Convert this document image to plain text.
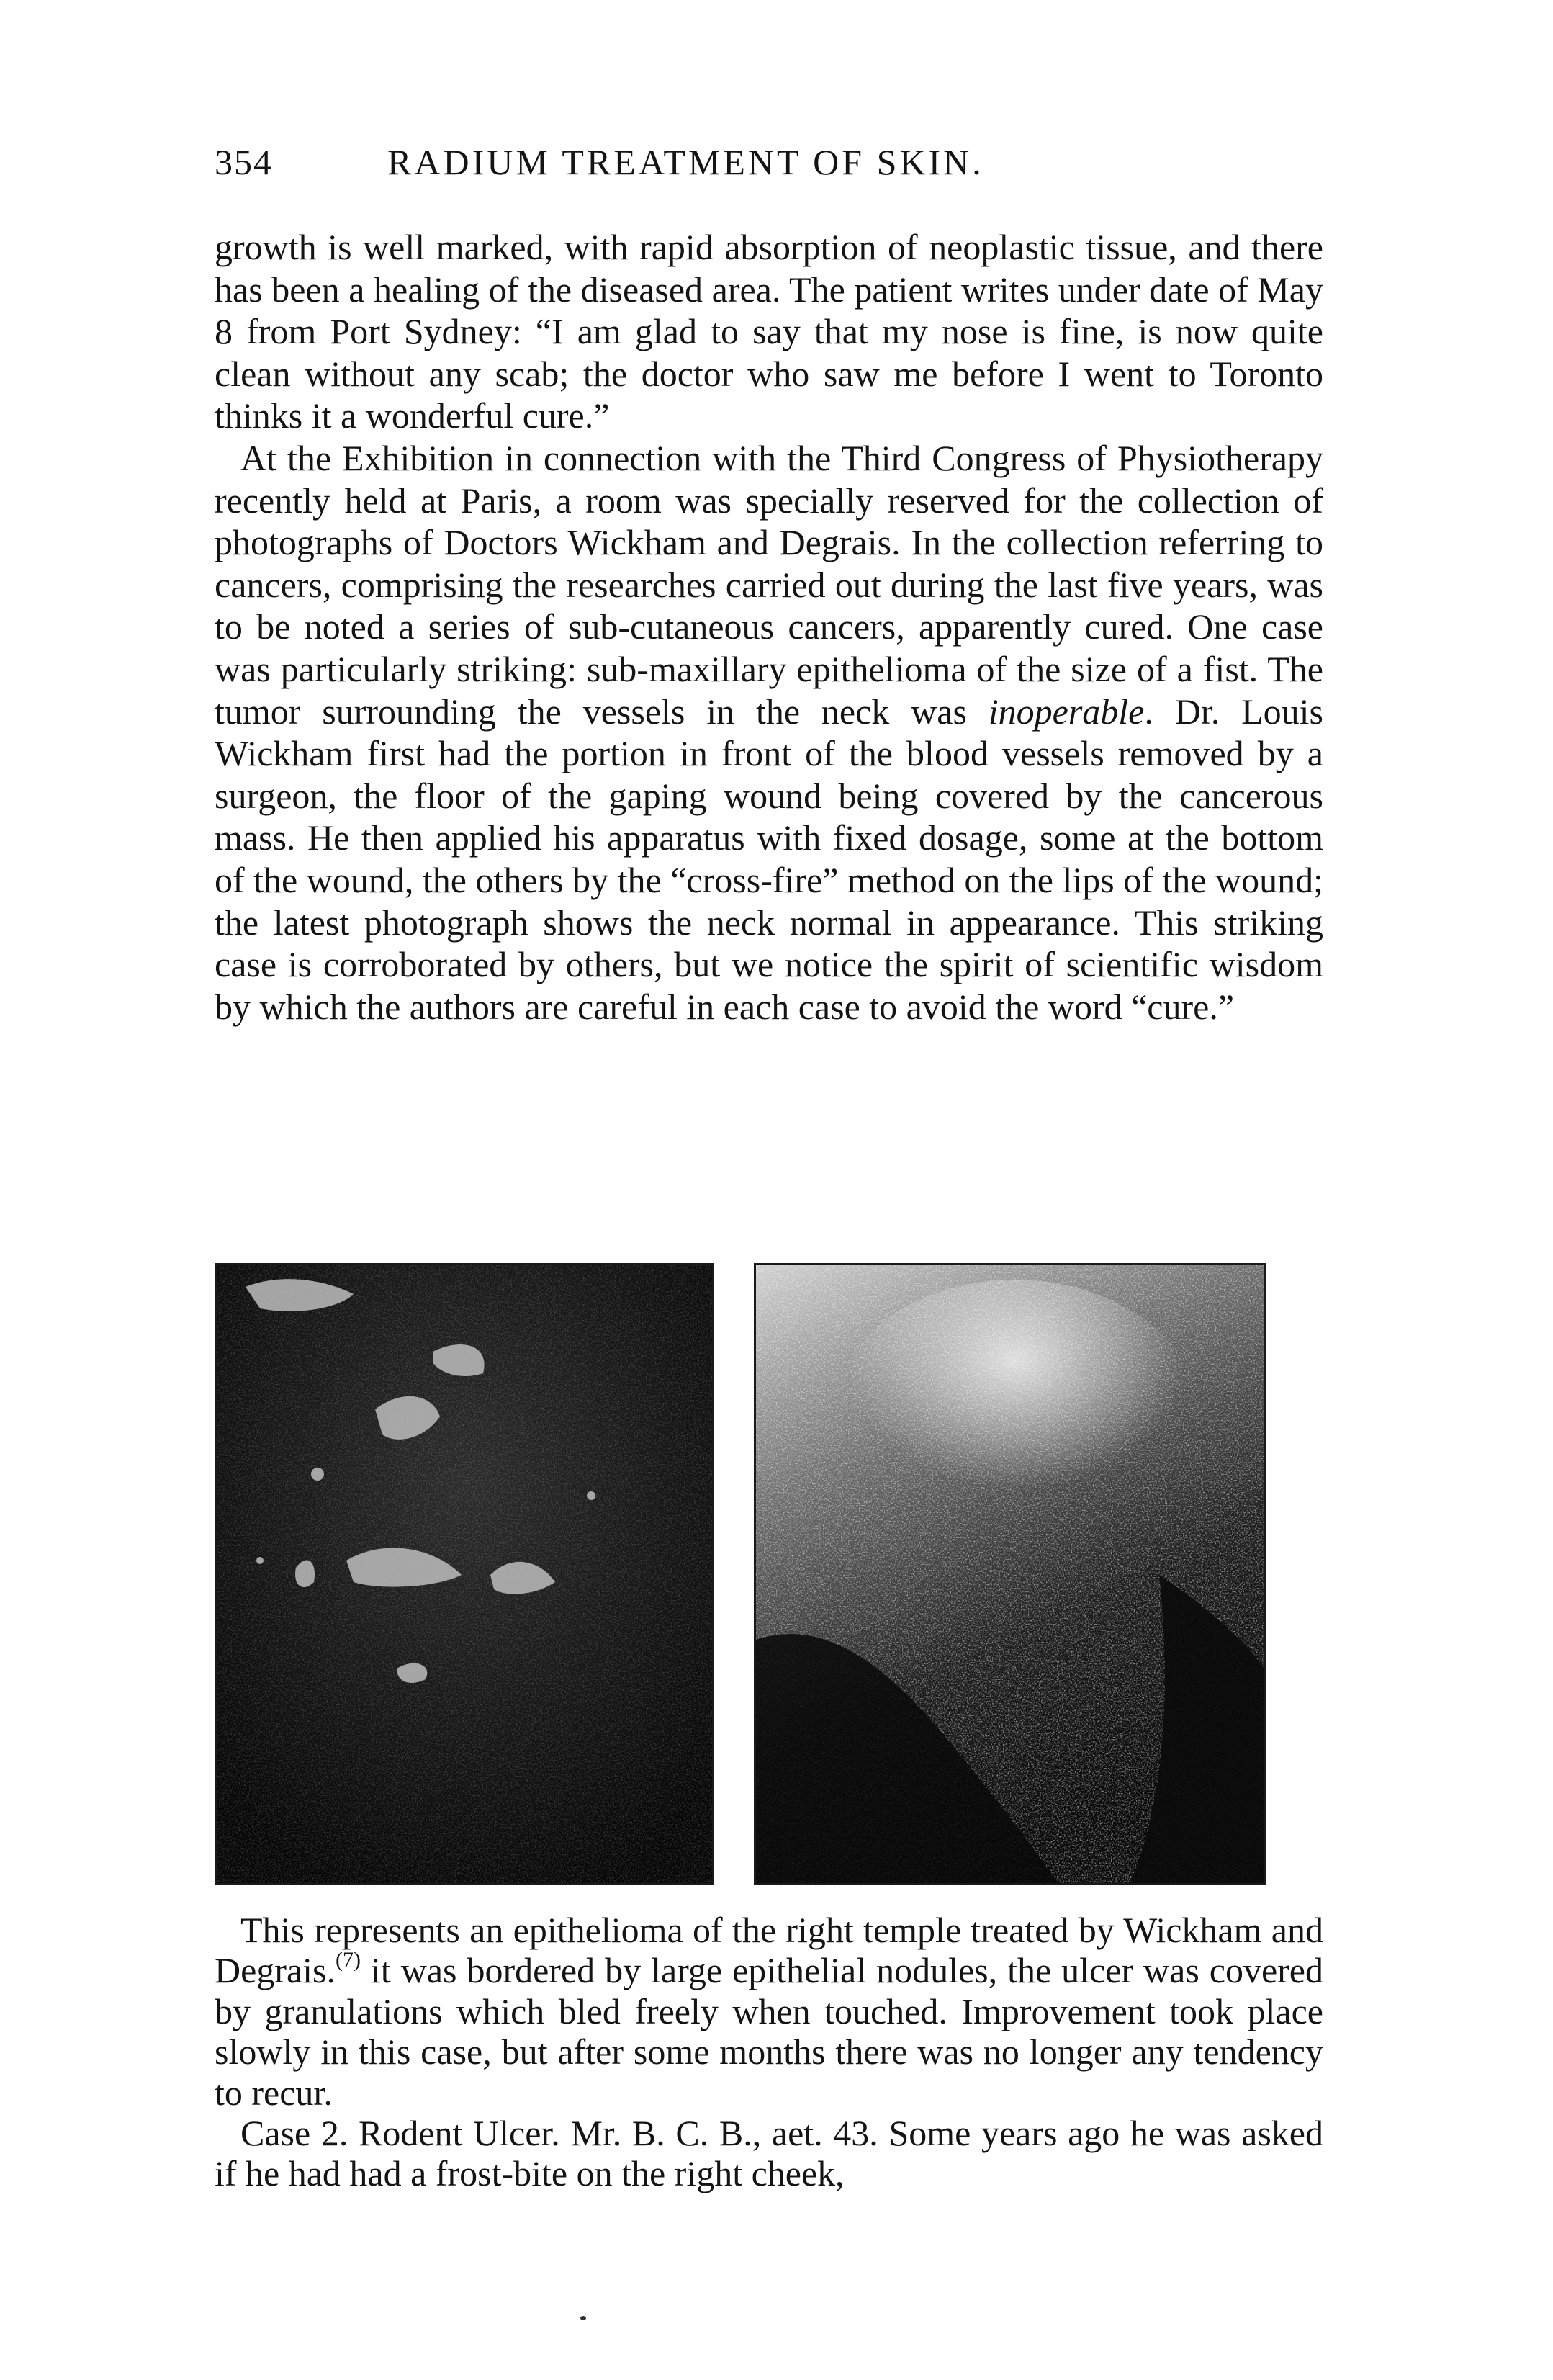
354	RADIUM TREATMENT OF SKIN.

growth is well marked, with rapid absorption of neoplastic tissue, and there has been a healing of the diseased area. The patient writes under date of May 8 from Port Sydney: “I am glad to say that my nose is fine, is now quite clean without any scab; the doctor who saw me before I went to Toronto thinks it a wonderful cure.”

At the Exhibition in connection with the Third Congress of Physiotherapy recently held at Paris, a room was specially reserved for the collection of photographs of Doctors Wickham and Degrais. In the collection referring to cancers, comprising the researches carried out during the last five years, was to be noted a series of sub-cutaneous cancers, apparently cured. One case was particularly striking: sub-maxillary epithelioma of the size of a fist. The tumor surrounding the vessels in the neck was inoperable. Dr. Louis Wickham first had the portion in front of the blood vessels removed by a surgeon, the floor of the gaping wound being covered by the cancerous mass. He then applied his apparatus with fixed dosage, some at the bottom of the wound, the others by the “cross-fire” method on the lips of the wound; the latest photograph shows the neck normal in appearance. This striking case is corroborated by others, but we notice the spirit of scientific wisdom by which the authors are careful in each case to avoid the word “cure.”

This represents an epithelioma of the right temple treated by Wickham and Degrais.$^{(7)}$ it was bordered by large epithelial nodules, the ulcer was covered by granulations which bled freely when touched. Improvement took place slowly in this case, but after some months there was no longer any tendency to recur.

Case 2. Rodent Ulcer. Mr. B. C. B., aet. 43. Some years ago he was asked if he had had a frost-bite on the right cheek,
